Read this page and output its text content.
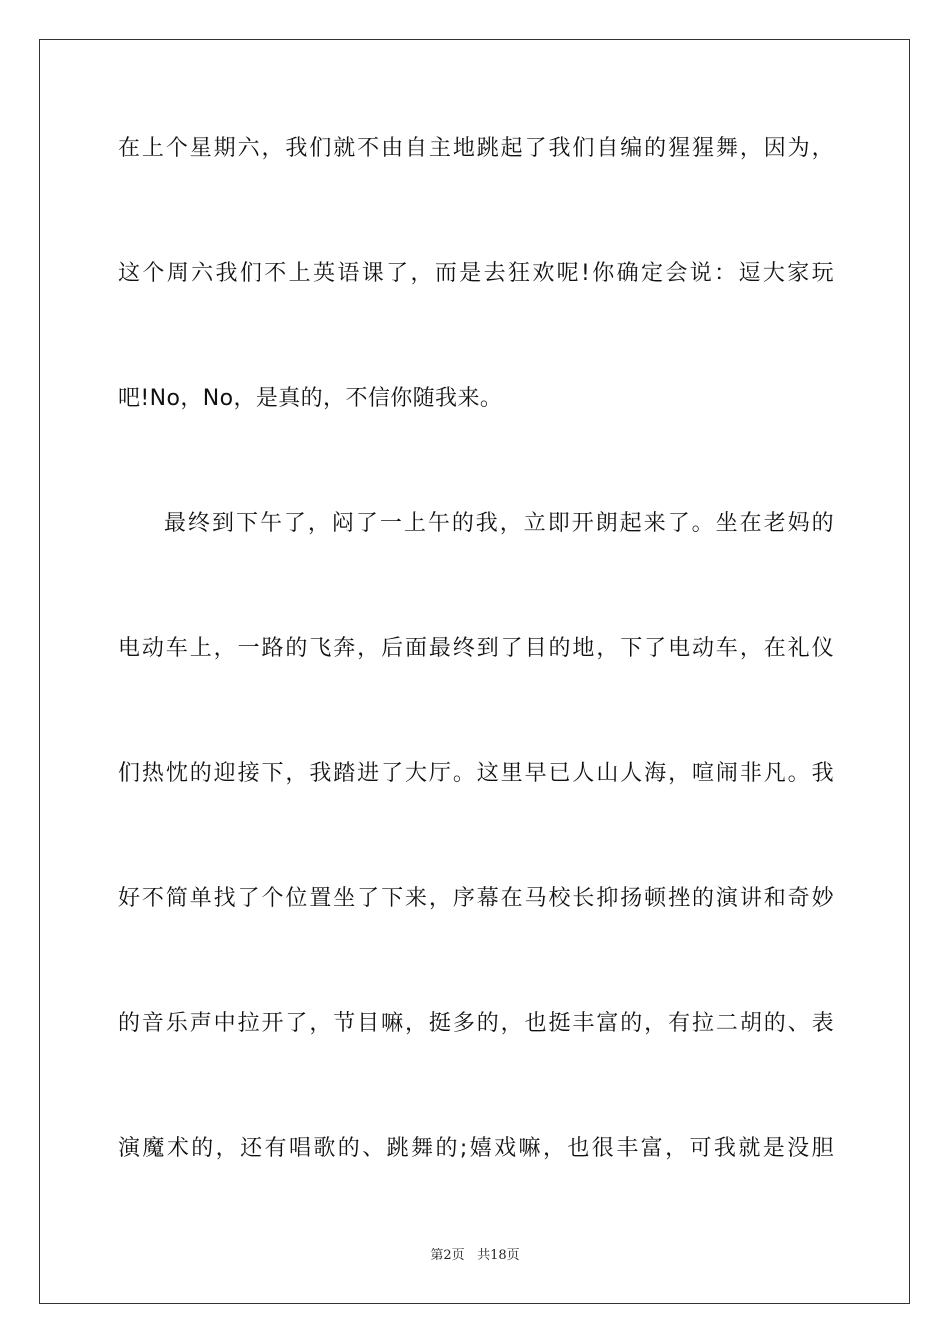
在上个星期六，我们就不由自主地跳起了我们自编的猩猩舞，因为，
这个周六我们不上英语课了，而是去狂欢呢!你确定会说：逗大家玩
吧!No，No，是真的，不信你随我来。
最终到下午了，闷了一上午的我，立即开朗起来了。坐在老妈的
电动车上，一路的飞奔，后面最终到了目的地，下了电动车，在礼仪
们热忱的迎接下，我踏进了大厅。这里早已人山人海，喧闹非凡。我
好不简单找了个位置坐了下来，序幕在马校长抑扬顿挫的演讲和奇妙
的音乐声中拉开了，节目嘛，挺多的，也挺丰富的，有拉二胡的、表
演魔术的，还有唱歌的、跳舞的;嬉戏嘛，也很丰富，可我就是没胆
第2页 共18页
